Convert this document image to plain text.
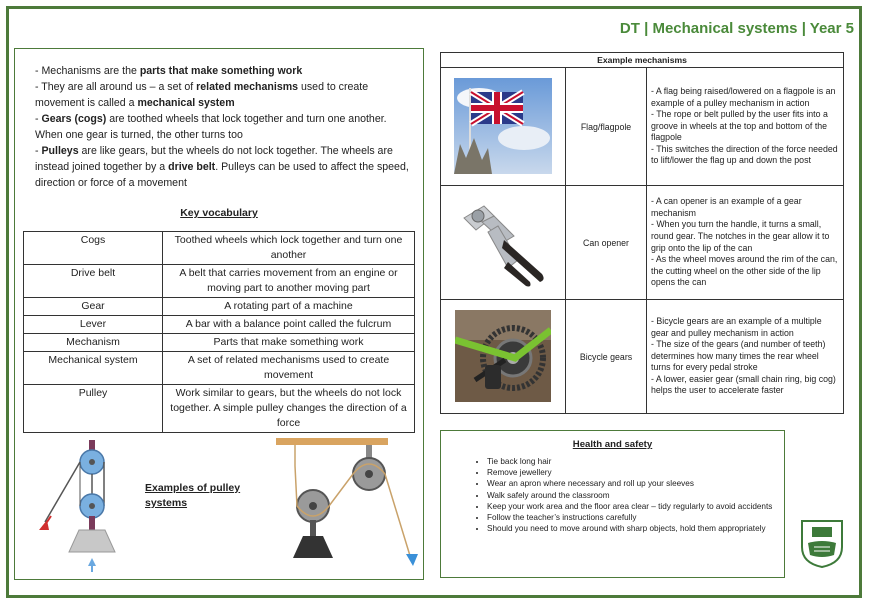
DT | Mechanical systems | Year 5

- Mechanisms are the parts that make something work

- They are all around us – a set of related mechanisms used to create movement is called a mechanical system

- Gears (cogs) are toothed wheels that lock together and turn one another. When one gear is turned, the other turns too

- Pulleys are like gears, but the wheels do not lock together. The wheels are instead joined together by a drive belt. Pulleys can be used to affect the speed, direction or force of a movement

Key vocabulary
Cogs	Toothed wheels which lock together and turn one another
Drive belt	A belt that carries movement from an engine or moving part to another moving part
Gear	A rotating part of a machine
Lever	A bar with a balance point called the fulcrum
Mechanism	Parts that make something work
Mechanical system	A set of related mechanisms used to create movement
Pulley	Work similar to gears, but the wheels do not lock together. A simple pulley changes the direction of a force
Examples of pulley systems
Example mechanisms		
	Flag/flagpole	- A flag being raised/lowered on a flagpole is an example of a pulley mechanism in action
- The rope or belt pulled by the user fits into a groove in wheels at the top and bottom of the flagpole
- This switches the direction of the force needed to lift/lower the flag up and down the post

	Can opener	- A can opener is an example of a gear mechanism
- When you turn the handle, it turns a small, round gear. The notches in the gear allow it to grip onto the lip of the can
- As the wheel moves around the rim of the can, the cutting wheel on the other side of the lip opens the can

	Bicycle gears	- Bicycle gears are an example of a multiple gear and pulley mechanism in action
- The size of the gears (and number of teeth) determines how many times the rear wheel turns for every pedal stroke
- A lower, easier gear (small chain ring, big cog) helps the user to accelerate faster
Health and safety
• Tie back long hair
• Remove jewellery
• Wear an apron where necessary and roll up your sleeves
• Walk safely around the classroom
• Keep your work area and the floor area clear – tidy regularly to avoid accidents
• Follow the teacher’s instructions carefully
• Should you need to move around with sharp objects, hold them appropriately
